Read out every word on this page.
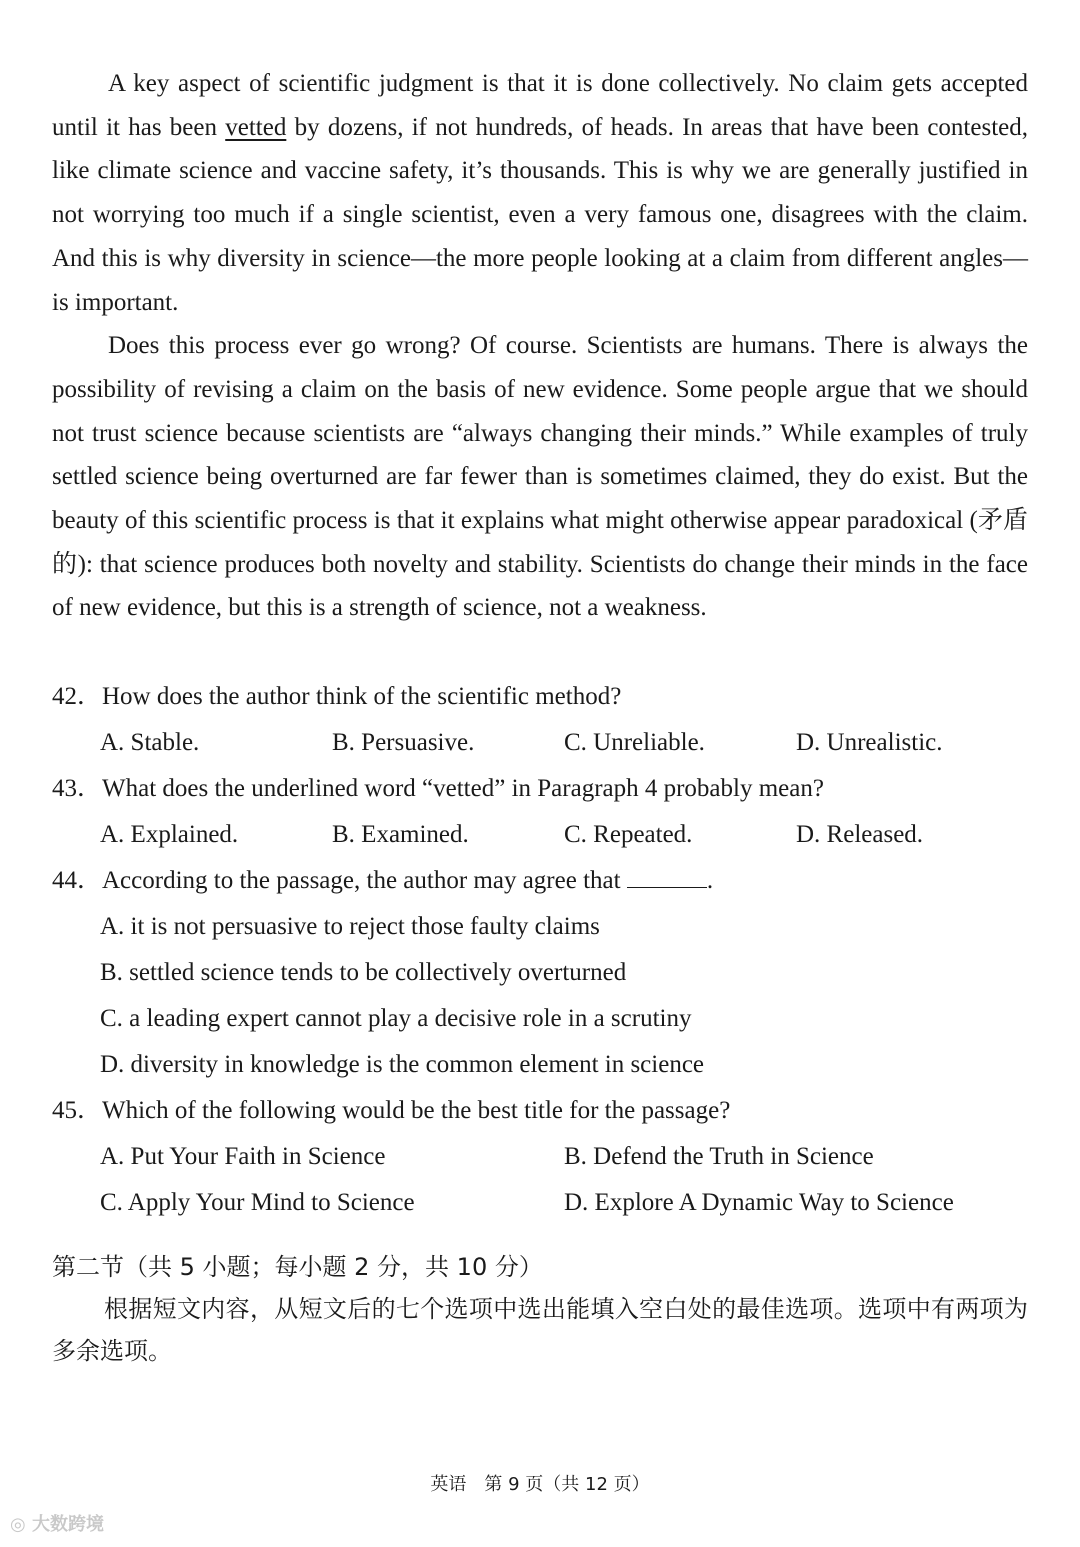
A key aspect of scientific judgment is that it is done collectively. No claim gets accepted until it has been vetted by dozens, if not hundreds, of heads. In areas that have been contested, like climate science and vaccine safety, it’s thousands. This is why we are generally justified in not worrying too much if a single scientist, even a very famous one, disagrees with the claim. And this is why diversity in science—the more people looking at a claim from different angles—is important.

Does this process ever go wrong? Of course. Scientists are humans. There is always the possibility of revising a claim on the basis of new evidence. Some people argue that we should not trust science because scientists are “always changing their minds.” While examples of truly settled science being overturned are far fewer than is sometimes claimed, they do exist. But the beauty of this scientific process is that it explains what might otherwise appear paradoxical (矛盾的): that science produces both novelty and stability. Scientists do change their minds in the face of new evidence, but this is a strength of science, not a weakness.

42．How does the author think of the scientific method?
A. Stable.	B. Persuasive.	C. Unreliable.	D. Unrealistic.
43．What does the underlined word “vetted” in Paragraph 4 probably mean?
A. Explained.	B. Examined.	C. Repeated.	D. Released.
44．According to the passage, the author may agree that	.
A. it is not persuasive to reject those faulty claims
B. settled science tends to be collectively overturned
C. a leading expert cannot play a decisive role in a scrutiny
D. diversity in knowledge is the common element in science
45．Which of the following would be the best title for the passage?
A. Put Your Faith in Science	B. Defend the Truth in Science
C. Apply Your Mind to Science	D. Explore A Dynamic Way to Science
第二节（共 5 小题；每小题 2 分，共 10 分）
根据短文内容，从短文后的七个选项中选出能填入空白处的最佳选项。选项中有两项为多余选项。
英语　第 9 页（共 12 页）
◎ 大数跨境
